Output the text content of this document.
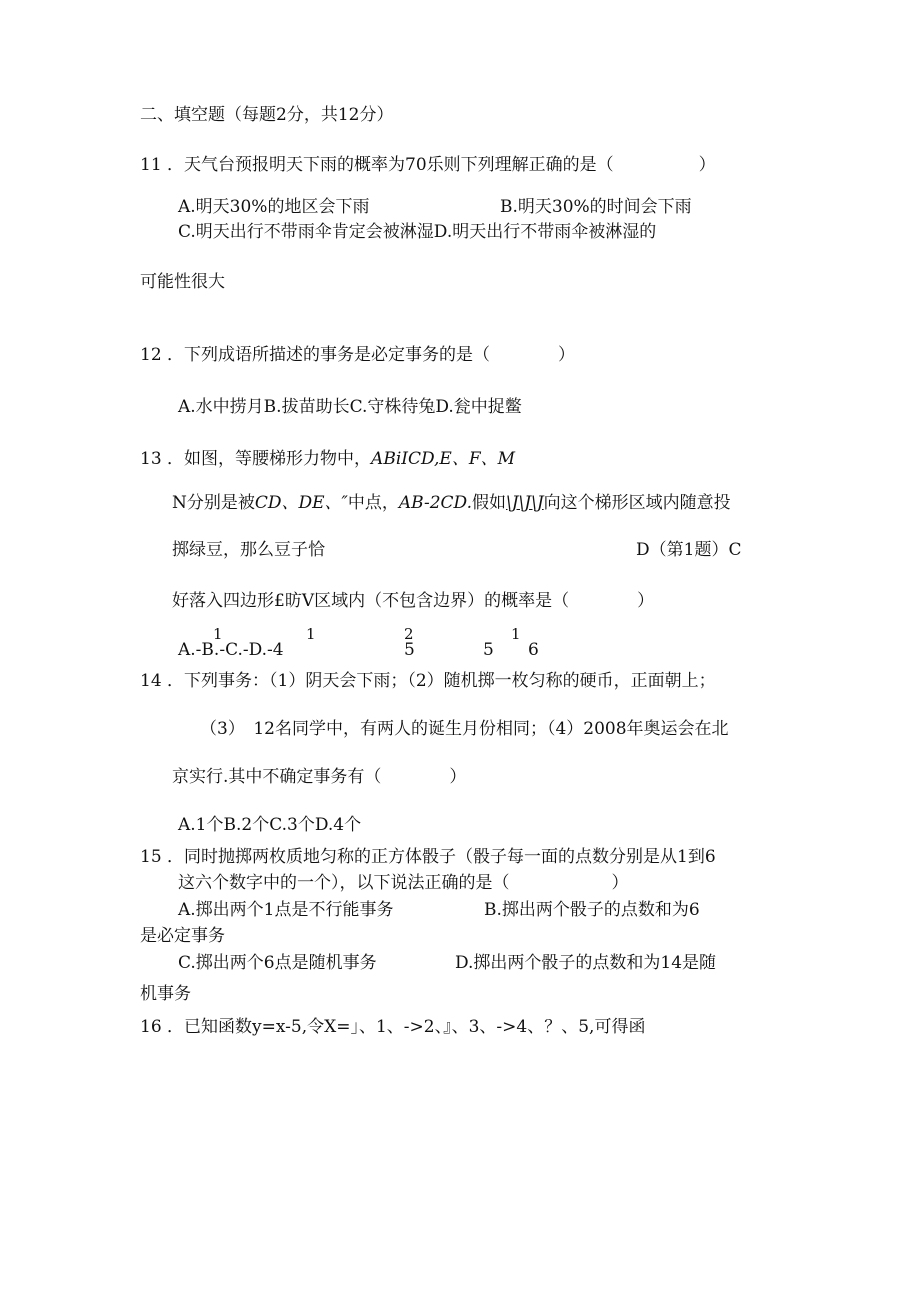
二、填空题（每题2分，共12分）
11 ．天气台预报明天下雨的概率为70乐则下列理解正确的是（　　　　　）
A.明天30%的地区会下雨	B.明天30%的时间会下雨
C.明天出行不带雨伞肯定会被淋湿D.明天出行不带雨伞被淋湿的
可能性很大
12 ．下列成语所描述的事务是必定事务的是（　　　　）
A.水中捞月B.拔苗助长C.守株待兔D.瓮中捉鳖
13 ．如图，等腰梯形力物中，ABiICD,E、F、M
N分别是被CD、DE、″中点，AB-2CD.假如\J\J\J向这个梯形区域内随意投
掷绿豆，那么豆子恰	D（第1题）C
好落入四边形£昉V区域内（不包含边界）的概率是（　　　　）
1	1	2	1
A.-B.-C.-D.-4	5	5 6
14 ．下列事务：（1）阴天会下雨；（2）随机掷一枚匀称的硬币，正面朝上；
（3）　12名同学中，有两人的诞生月份相同；（4）2008年奥运会在北
京实行.其中不确定事务有（　　　　）
A.1个B.2个C.3个D.4个
15 ．同时抛掷两枚质地匀称的正方体骰子（骰子每一面的点数分别是从1到6
这六个数字中的一个），以下说法正确的是（　　　　　　）
A.掷出两个1点是不行能事务	B.掷出两个骰子的点数和为6
是必定事务
C.掷出两个6点是随机事务	D.掷出两个骰子的点数和为14是随
机事务
16 ．已知函数y=x-5,令X=」、1、->2、』、3、->4、？、5,可得函
